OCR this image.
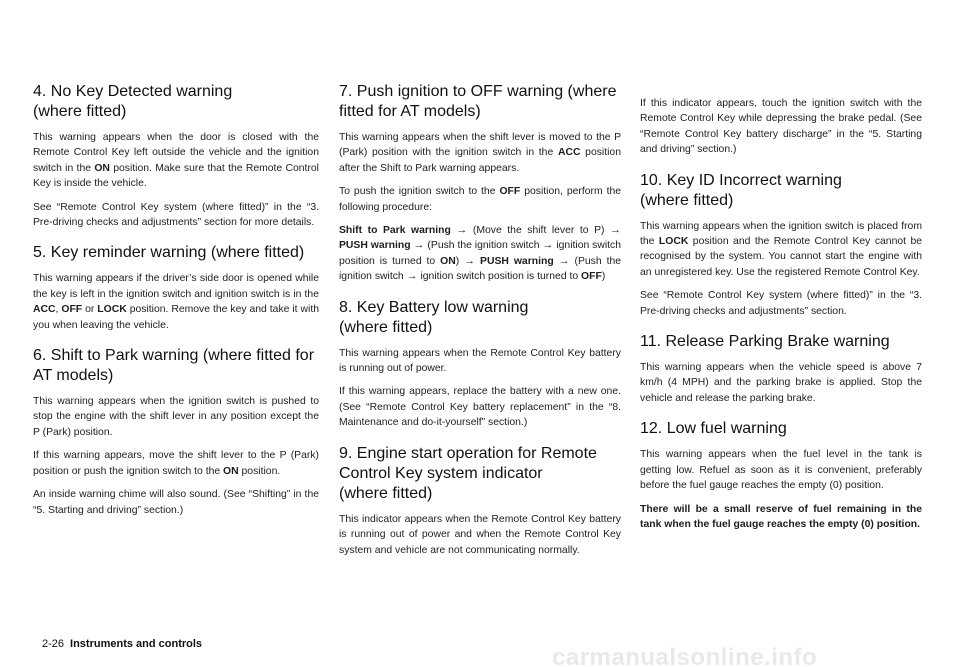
4. No Key Detected warning
(where fitted)

This warning appears when the door is closed with the Remote Control Key left outside the vehicle and the ignition switch in the ON position. Make sure that the Remote Control Key is inside the vehicle.

See “Remote Control Key system (where fitted)” in the “3. Pre-driving checks and adjustments” section for more details.

5. Key reminder warning (where fitted)

This warning appears if the driver’s side door is opened while the key is left in the ignition switch and ignition switch is in the ACC, OFF or LOCK position. Remove the key and take it with you when leaving the vehicle.

6. Shift to Park warning (where fitted for
AT models)

This warning appears when the ignition switch is pushed to stop the engine with the shift lever in any position except the P (Park) position.

If this warning appears, move the shift lever to the P (Park) position or push the ignition switch to the ON position.

An inside warning chime will also sound. (See “Shifting” in the “5. Starting and driving” section.)

7. Push ignition to OFF warning (where
fitted for AT models)

This warning appears when the shift lever is moved to the P (Park) position with the ignition switch in the ACC position after the Shift to Park warning appears.

To push the ignition switch to the OFF position, perform the following procedure:

Shift to Park warning → (Move the shift lever to P) → PUSH warning → (Push the ignition switch → ignition switch position is turned to ON) → PUSH warning → (Push the ignition switch → ignition switch position is turned to OFF)

8. Key Battery low warning
(where fitted)

This warning appears when the Remote Control Key battery is running out of power.

If this warning appears, replace the battery with a new one. (See “Remote Control Key battery replacement” in the “8. Maintenance and do-it-yourself” section.)

9. Engine start operation for Remote
Control Key system indicator
(where fitted)

This indicator appears when the Remote Control Key battery is running out of power and when the Remote Control Key system and vehicle are not communicating normally.

If this indicator appears, touch the ignition switch with the Remote Control Key while depressing the brake pedal. (See “Remote Control Key battery discharge” in the “5. Starting and driving” section.)

10. Key ID Incorrect warning
(where fitted)

This warning appears when the ignition switch is placed from the LOCK position and the Remote Control Key cannot be recognised by the system. You cannot start the engine with an unregistered key. Use the registered Remote Control Key.

See “Remote Control Key system (where fitted)” in the “3. Pre-driving checks and adjustments” section.

11. Release Parking Brake warning

This warning appears when the vehicle speed is above 7 km/h (4 MPH) and the parking brake is applied. Stop the vehicle and release the parking brake.

12. Low fuel warning

This warning appears when the fuel level in the tank is getting low. Refuel as soon as it is convenient, preferably before the fuel gauge reaches the empty (0) position.

There will be a small reserve of fuel remaining in the tank when the fuel gauge reaches the empty (0) position.

2-26 Instruments and controls	carmanualsonline.info
